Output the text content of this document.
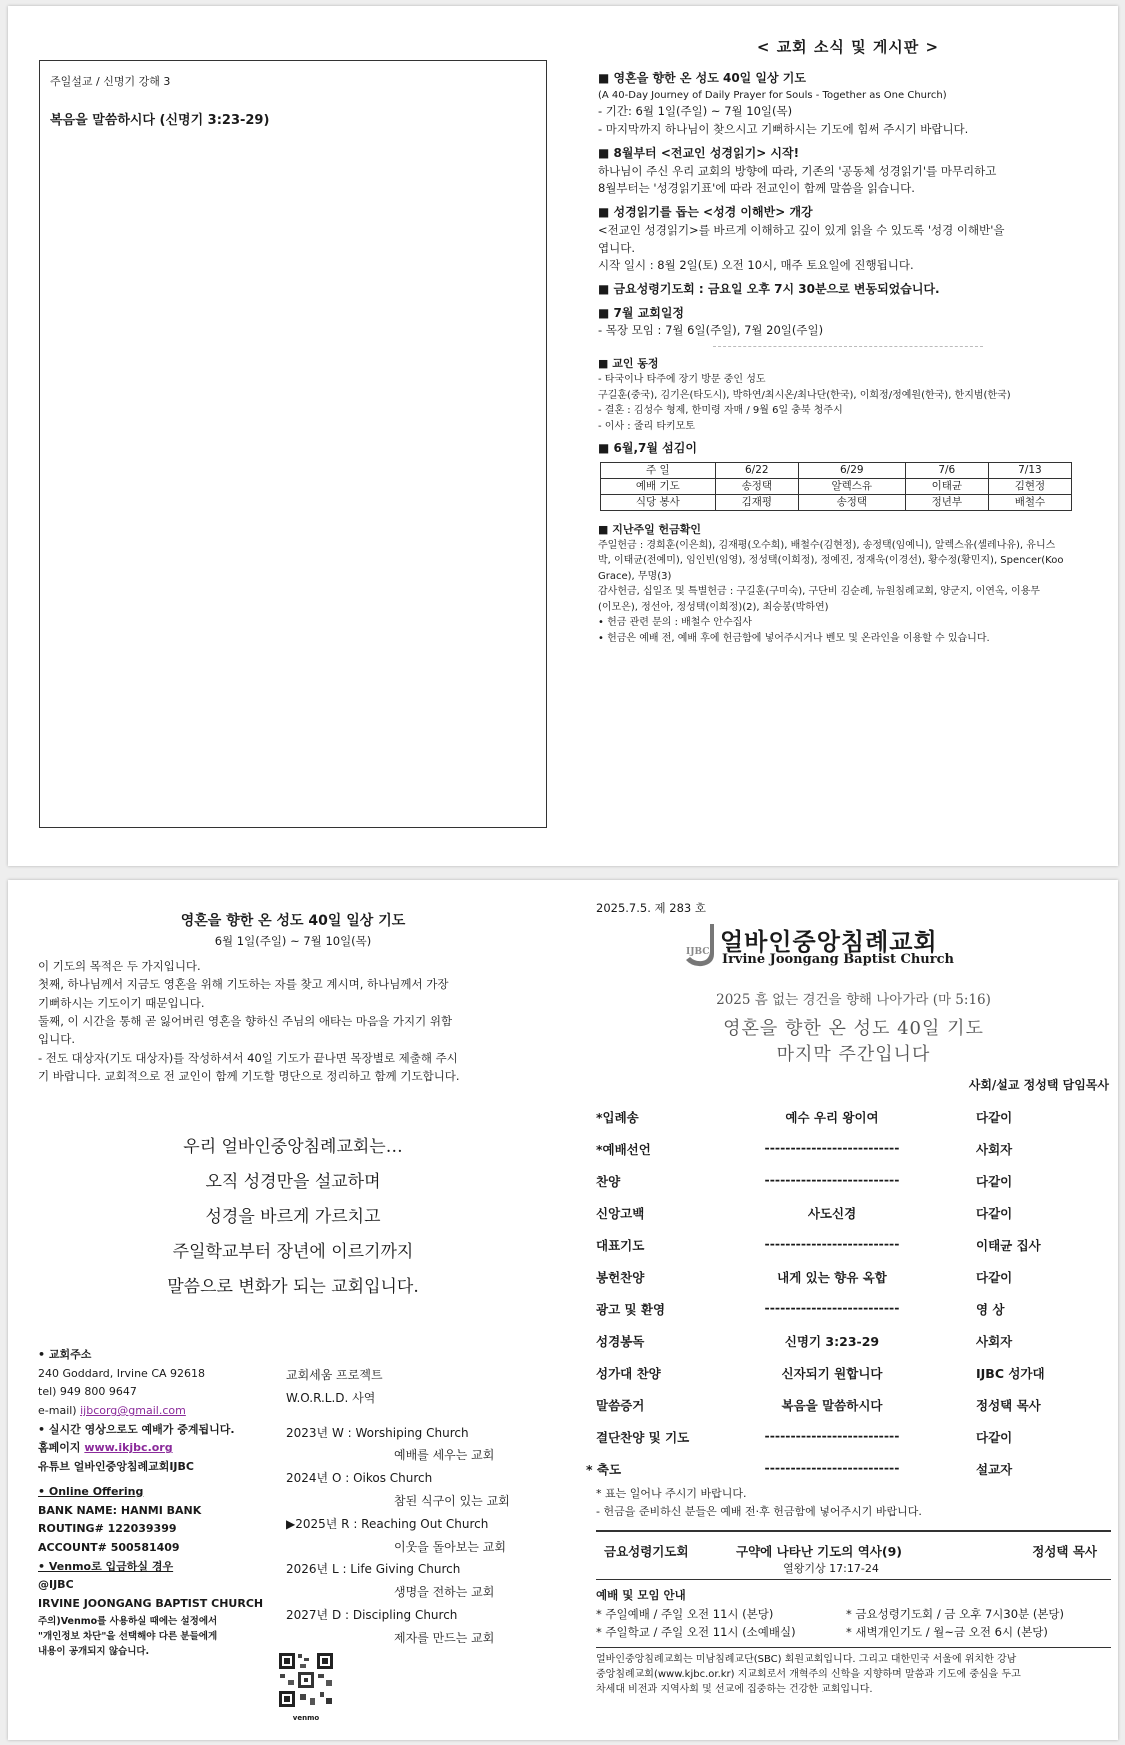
주일설교 / 신명기 강해 3
복음을 말씀하시다 (신명기 3:23-29)
< 교회 소식 및 게시판 >
■ 영혼을 향한 온 성도 40일 일상 기도
(A 40-Day Journey of Daily Prayer for Souls - Together as One Church)
- 기간: 6월 1일(주일) ~ 7월 10일(목)
- 마지막까지 하나님이 찾으시고 기뻐하시는 기도에 힘써 주시기 바랍니다.
■ 8월부터 <전교인 성경읽기> 시작!
하나님이 주신 우리 교회의 방향에 따라, 기존의 '공동체 성경읽기'를 마무리하고
8월부터는 '성경읽기표'에 따라 전교인이 함께 말씀을 읽습니다.
■ 성경읽기를 돕는 <성경 이해반> 개강
<전교인 성경읽기>를 바르게 이해하고 깊이 있게 읽을 수 있도록 '성경 이해반'을
엽니다.
시작 일시 : 8월 2일(토) 오전 10시, 매주 토요일에 진행됩니다.
■ 금요성령기도회 : 금요일 오후 7시 30분으로 변동되었습니다.
■ 7월 교회일정
- 목장 모임 : 7월 6일(주일), 7월 20일(주일)
■ 교인 동정
- 타국이나 타주에 장기 방문 중인 성도
구길훈(중국), 김기은(타도시), 박하연/최시온/최나단(한국), 이희정/정예원(한국), 한지범(한국)
- 결혼 : 김성수 형제, 한미령 자매 / 9월 6일 충북 청주시
- 이사 : 줄리 타키모토
■ 6월,7월 섬김이
주 일	6/22	6/29	7/6	7/13
예배 기도	송정택	알렉스유	이태균	김현정
식당 봉사	김재평	송정택	정년부	배철수
■ 지난주일 헌금확인
주일헌금 : 경희훈(이은희), 김재평(오수희), 배철수(김현정), 송정택(임예니), 알렉스유(셀레나유), 유니스
박, 이태균(전예미), 임인빈(임영), 정성택(이희정), 정예진, 정재욱(이경선), 황수정(황민지), Spencer(Koo
Grace), 무명(3)
감사헌금, 십일조 및 특별헌금 : 구길훈(구미숙), 구단비 김순례, 뉴원침례교회, 양군지, 이연옥, 이용무
(이모은), 정선아, 정성택(이희정)(2), 최승봉(박하연)
• 헌금 관련 문의 : 배철수 안수집사
• 헌금은 예배 전, 예배 후에 헌금함에 넣어주시거나 벤모 및 온라인을 이용할 수 있습니다.
영혼을 향한 온 성도 40일 일상 기도
6월 1일(주일) ~ 7월 10일(목)
이 기도의 목적은 두 가지입니다.
첫째, 하나님께서 지금도 영혼을 위해 기도하는 자를 찾고 계시며, 하나님께서 가장
기뻐하시는 기도이기 때문입니다.
둘째, 이 시간을 통해 곧 잃어버린 영혼을 향하신 주님의 애타는 마음을 가지기 위함
입니다.
- 전도 대상자(기도 대상자)를 작성하셔서 40일 기도가 끝나면 목장별로 제출해 주시
기 바랍니다. 교회적으로 전 교인이 함께 기도할 명단으로 정리하고 함께 기도합니다.
우리 얼바인중앙침례교회는…
오직 성경만을 설교하며
성경을 바르게 가르치고
주일학교부터 장년에 이르기까지
말씀으로 변화가 되는 교회입니다.
• 교회주소
240 Goddard, Irvine CA 92618
tel) 949 800 9647
e-mail) ijbcorg@gmail.com
• 실시간 영상으로도 예배가 중계됩니다.
홈페이지 www.ikjbc.org
유튜브 얼바인중앙침례교회IJBC
• Online Offering
BANK NAME: HANMI BANK
ROUTING# 122039399
ACCOUNT# 500581409
• Venmo로 입금하실 경우
@IJBC
IRVINE JOONGANG BAPTIST CHURCH
주의)Venmo를 사용하실 때에는 설정에서
"개인정보 차단"을 선택해야 다른 분들에게
내용이 공개되지 않습니다.
교회세움 프로젝트
W.O.R.L.D. 사역
2023년 W : Worshiping Church
예배를 세우는 교회
2024년 O : Oikos Church
참된 식구이 있는 교회
▶2025년 R : Reaching Out Church
이웃을 돌아보는 교회
2026년 L : Life Giving Church
생명을 전하는 교회
2027년 D : Discipling Church
제자를 만드는 교회
venmo
2025.7.5. 제 283 호
IJBC 얼바인중앙침례교회
Irvine Joongang Baptist Church
2025 흠 없는 경건을 향해 나아가라 (마 5:16)
영혼을 향한 온 성도 40일 기도
마지막 주간입니다
사회/설교 정성택 담임목사
*입례송	예수 우리 왕이여	다같이
*예배선언	--------------------------	사회자
찬양	--------------------------	다같이
신앙고백	사도신경	다같이
대표기도	--------------------------	이태균 집사
봉헌찬양	내게 있는 향유 옥합	다같이
광고 및 환영	--------------------------	영 상
성경봉독	신명기 3:23-29	사회자
성가대 찬양	신자되기 원합니다	IJBC 성가대
말씀증거	복음을 말씀하시다	정성택 목사
결단찬양 및 기도	--------------------------	다같이
* 축도	--------------------------	설교자
* 표는 일어나 주시기 바랍니다.
- 헌금을 준비하신 분들은 예배 전·후 헌금함에 넣어주시기 바랍니다.
금요성령기도회	구약에 나타난 기도의 역사(9)	정성택 목사
열왕기상 17:17-24
예배 및 모임 안내
* 주일예배 / 주일 오전 11시 (본당)	* 금요성령기도회 / 금 오후 7시30분 (본당)
* 주일학교 / 주일 오전 11시 (소예배실)	* 새벽개인기도 / 월~금 오전 6시 (본당)
얼바인중앙침례교회는 미남침례교단(SBC) 회원교회입니다. 그리고 대한민국 서울에 위치한 강남
중앙침례교회(www.kjbc.or.kr) 지교회로서 개혁주의 신학을 지향하며 말씀과 기도에 중심을 두고
차세대 비전과 지역사회 및 선교에 집중하는 건강한 교회입니다.
